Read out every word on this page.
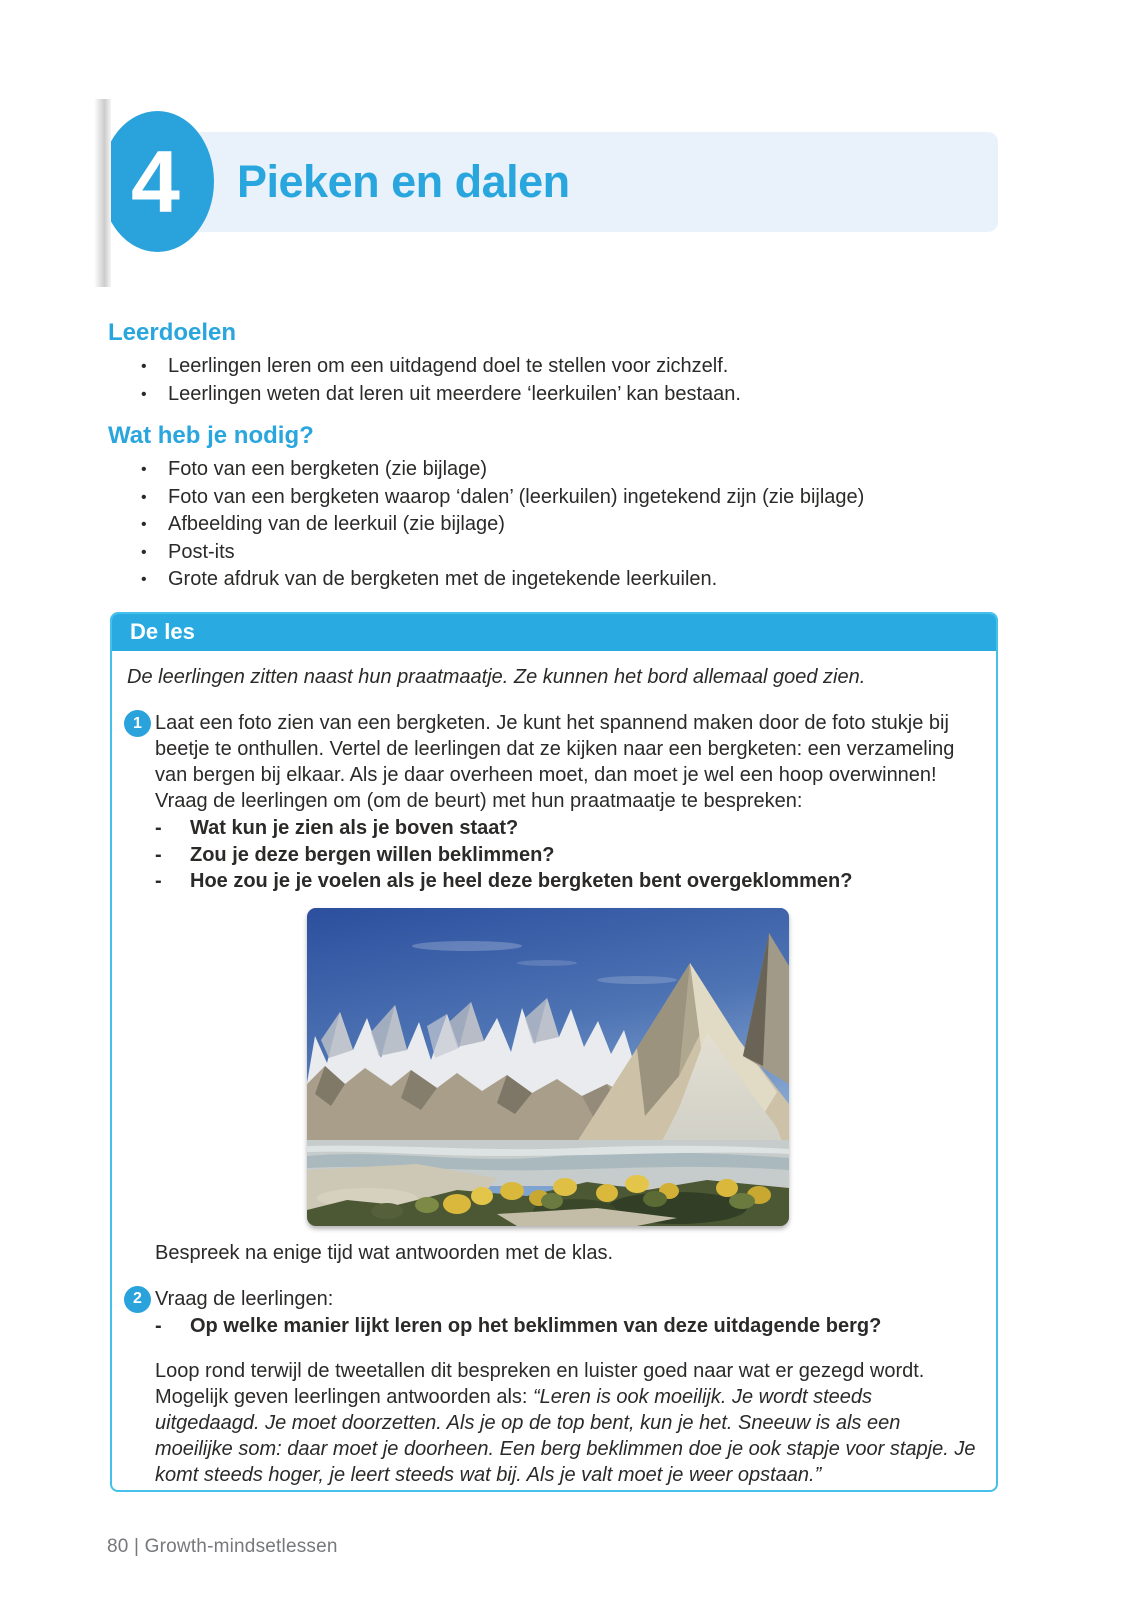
4 Pieken en dalen
Leerdoelen
• Leerlingen leren om een uitdagend doel te stellen voor zichzelf.
• Leerlingen weten dat leren uit meerdere ‘leerkuilen’ kan bestaan.
Wat heb je nodig?
• Foto van een bergketen (zie bijlage)
• Foto van een bergketen waarop ‘dalen’ (leerkuilen) ingetekend zijn (zie bijlage)
• Afbeelding van de leerkuil (zie bijlage)
• Post-its
• Grote afdruk van de bergketen met de ingetekende leerkuilen.
De les
De leerlingen zitten naast hun praatmaatje. Ze kunnen het bord allemaal goed zien.
1 Laat een foto zien van een bergketen. Je kunt het spannend maken door de foto stukje bij beetje te onthullen. Vertel de leerlingen dat ze kijken naar een bergketen: een verzameling van bergen bij elkaar. Als je daar overheen moet, dan moet je wel een hoop overwinnen!
Vraag de leerlingen om (om de beurt) met hun praatmaatje te bespreken:
- Wat kun je zien als je boven staat?
- Zou je deze bergen willen beklimmen?
- Hoe zou je je voelen als je heel deze bergketen bent overgeklommen?
Bespreek na enige tijd wat antwoorden met de klas.
2 Vraag de leerlingen:
- Op welke manier lijkt leren op het beklimmen van deze uitdagende berg?
Loop rond terwijl de tweetallen dit bespreken en luister goed naar wat er gezegd wordt. Mogelijk geven leerlingen antwoorden als: “Leren is ook moeilijk. Je wordt steeds uitgedaagd. Je moet doorzetten. Als je op de top bent, kun je het. Sneeuw is als een moeilijke som: daar moet je doorheen. Een berg beklimmen doe je ook stapje voor stapje. Je komt steeds hoger, je leert steeds wat bij. Als je valt moet je weer opstaan.”
80 | Growth-mindsetlessen
